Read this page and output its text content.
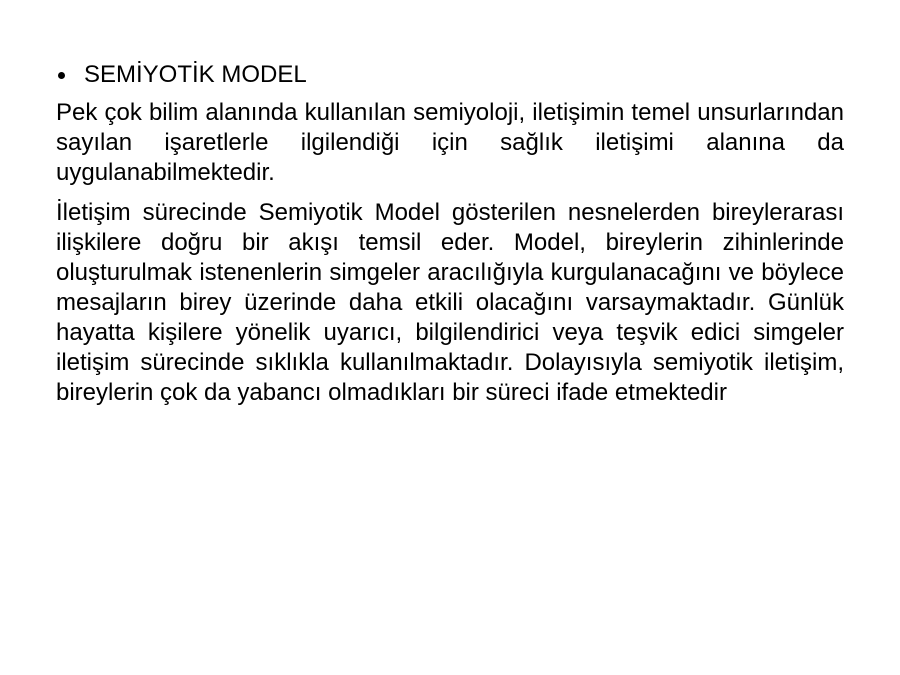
SEMİYOTİK MODEL

Pek çok bilim alanında kullanılan semiyoloji, iletişimin temel unsurlarından sayılan işaretlerle ilgilendiği için sağlık iletişimi alanına da uygulanabilmektedir.

İletişim sürecinde Semiyotik Model gösterilen nesnelerden bireylerarası ilişkilere doğru bir akışı temsil eder. Model, bireylerin zihinlerinde oluşturulmak istenenlerin simgeler aracılığıyla kurgulanacağını ve böylece mesajların birey üzerinde daha etkili olacağını varsaymaktadır. Günlük hayatta kişilere yönelik uyarıcı, bilgilendirici veya teşvik edici simgeler iletişim sürecinde sıklıkla kullanılmaktadır. Dolayısıyla semiyotik iletişim, bireylerin çok da yabancı olmadıkları bir süreci ifade etmektedir
